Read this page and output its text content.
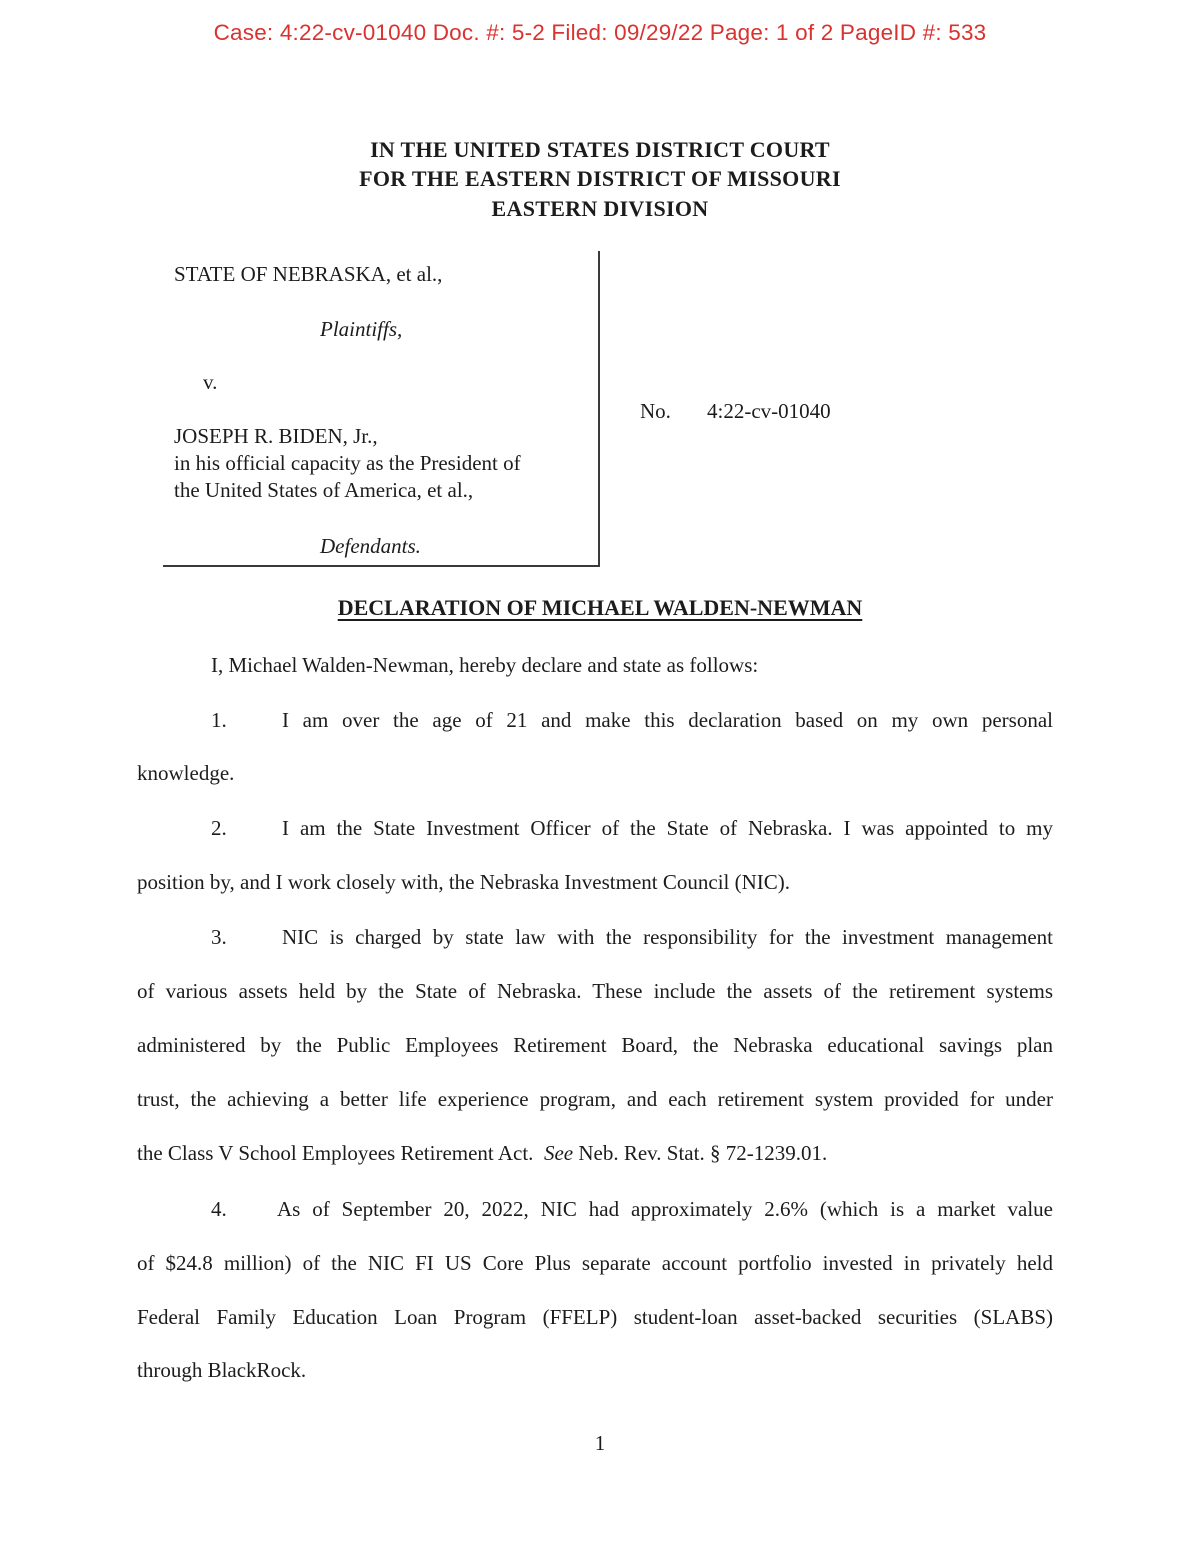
Case: 4:22-cv-01040 Doc. #: 5-2 Filed: 09/29/22 Page: 1 of 2 PageID #: 533
IN THE UNITED STATES DISTRICT COURT
FOR THE EASTERN DISTRICT OF MISSOURI
EASTERN DIVISION
STATE OF NEBRASKA, et al.,
Plaintiffs,
v.
JOSEPH R. BIDEN, Jr.,
in his official capacity as the President of
the United States of America, et al.,
Defendants.
No. 4:22-cv-01040
DECLARATION OF MICHAEL WALDEN-NEWMAN
I, Michael Walden-Newman, hereby declare and state as follows:
1.	I am over the age of 21 and make this declaration based on my own personal
knowledge.
2.	I am the State Investment Officer of the State of Nebraska. I was appointed to my
position by, and I work closely with, the Nebraska Investment Council (NIC).
3.	NIC is charged by state law with the responsibility for the investment management
of various assets held by the State of Nebraska. These include the assets of the retirement systems
administered by the Public Employees Retirement Board, the Nebraska educational savings plan
trust, the achieving a better life experience program, and each retirement system provided for under
the Class V School Employees Retirement Act. See Neb. Rev. Stat. § 72-1239.01.
4. As of September 20, 2022, NIC had approximately 2.6% (which is a market value
of $24.8 million) of the NIC FI US Core Plus separate account portfolio invested in privately held
Federal Family Education Loan Program (FFELP) student-loan asset-backed securities (SLABS)
through BlackRock.
1
